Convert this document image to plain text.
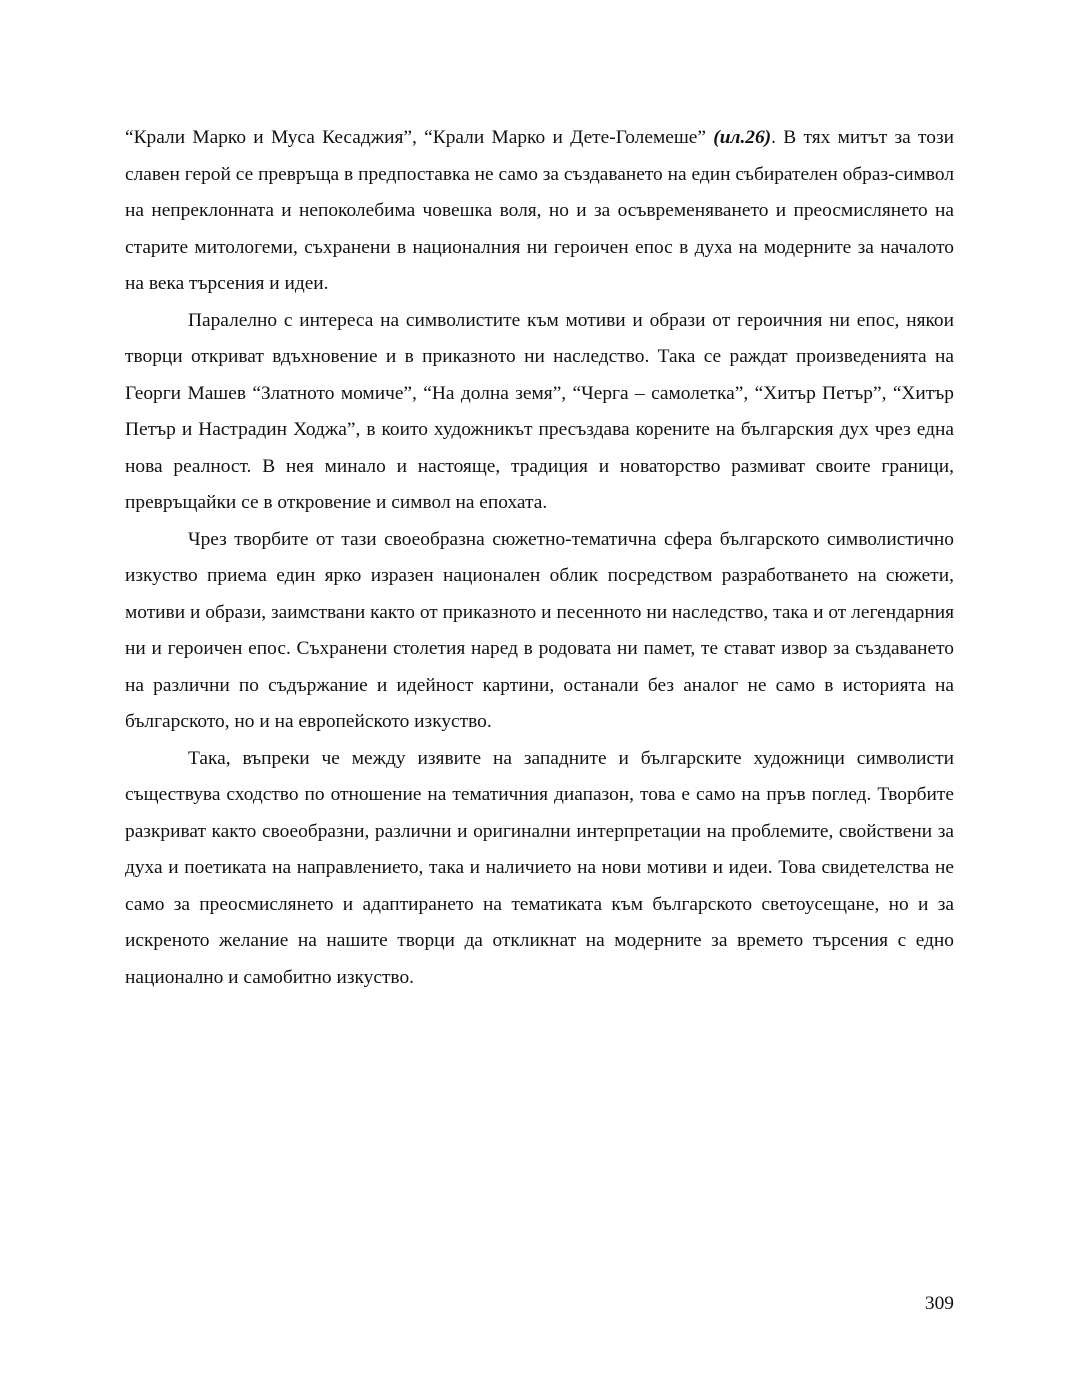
“Крали Марко и Муса Кесаджия”, “Крали Марко и Дете-Големеше” (ил.26). В тях митът за този славен герой се превръща в предпоставка не само за създаването на един събирателен образ-символ на непреклонната и непоколебима човешка воля, но и за осъвременяването и преосмислянето на старите митологеми, съхранени в националния ни героичен епос в духа на модерните за началото на века търсения и идеи.

Паралелно с интереса на символистите към мотиви и образи от героичния ни епос, някои творци откриват вдъхновение и в приказното ни наследство. Така се раждат произведенията на Георги Машев “Златното момиче”, “На долна земя”, “Черга – самолетка”, “Хитър Петър”, “Хитър Петър и Настрадин Ходжа”, в които художникът пресъздава корените на българския дух чрез една нова реалност. В нея минало и настояще, традиция и новаторство размиват своите граници, превръщайки се в откровение и символ на епохата.

Чрез творбите от тази своеобразна сюжетно-тематична сфера българското символистично изкуство приема един ярко изразен национален облик посредством разработването на сюжети, мотиви и образи, заимствани както от приказното и песенното ни наследство, така и от легендарния ни и героичен епос. Съхранени столетия наред в родовата ни памет, те стават извор за създаването на различни по съдържание и идейност картини, останали без аналог не само в историята на българското, но и на европейското изкуство.

Така, въпреки че между изявите на западните и българските художници символисти съществува сходство по отношение на тематичния диапазон, това е само на пръв поглед. Творбите разкриват както своеобразни, различни и оригинални интерпретации на проблемите, свойствени за духа и поетиката на направлението, така и наличието на нови мотиви и идеи. Това свидетелства не само за преосмислянето и адаптирането на тематиката към българското светоусещане, но и за искреното желание на нашите творци да откликнат на модерните за времето търсения с едно национално и самобитно изкуство.

309
